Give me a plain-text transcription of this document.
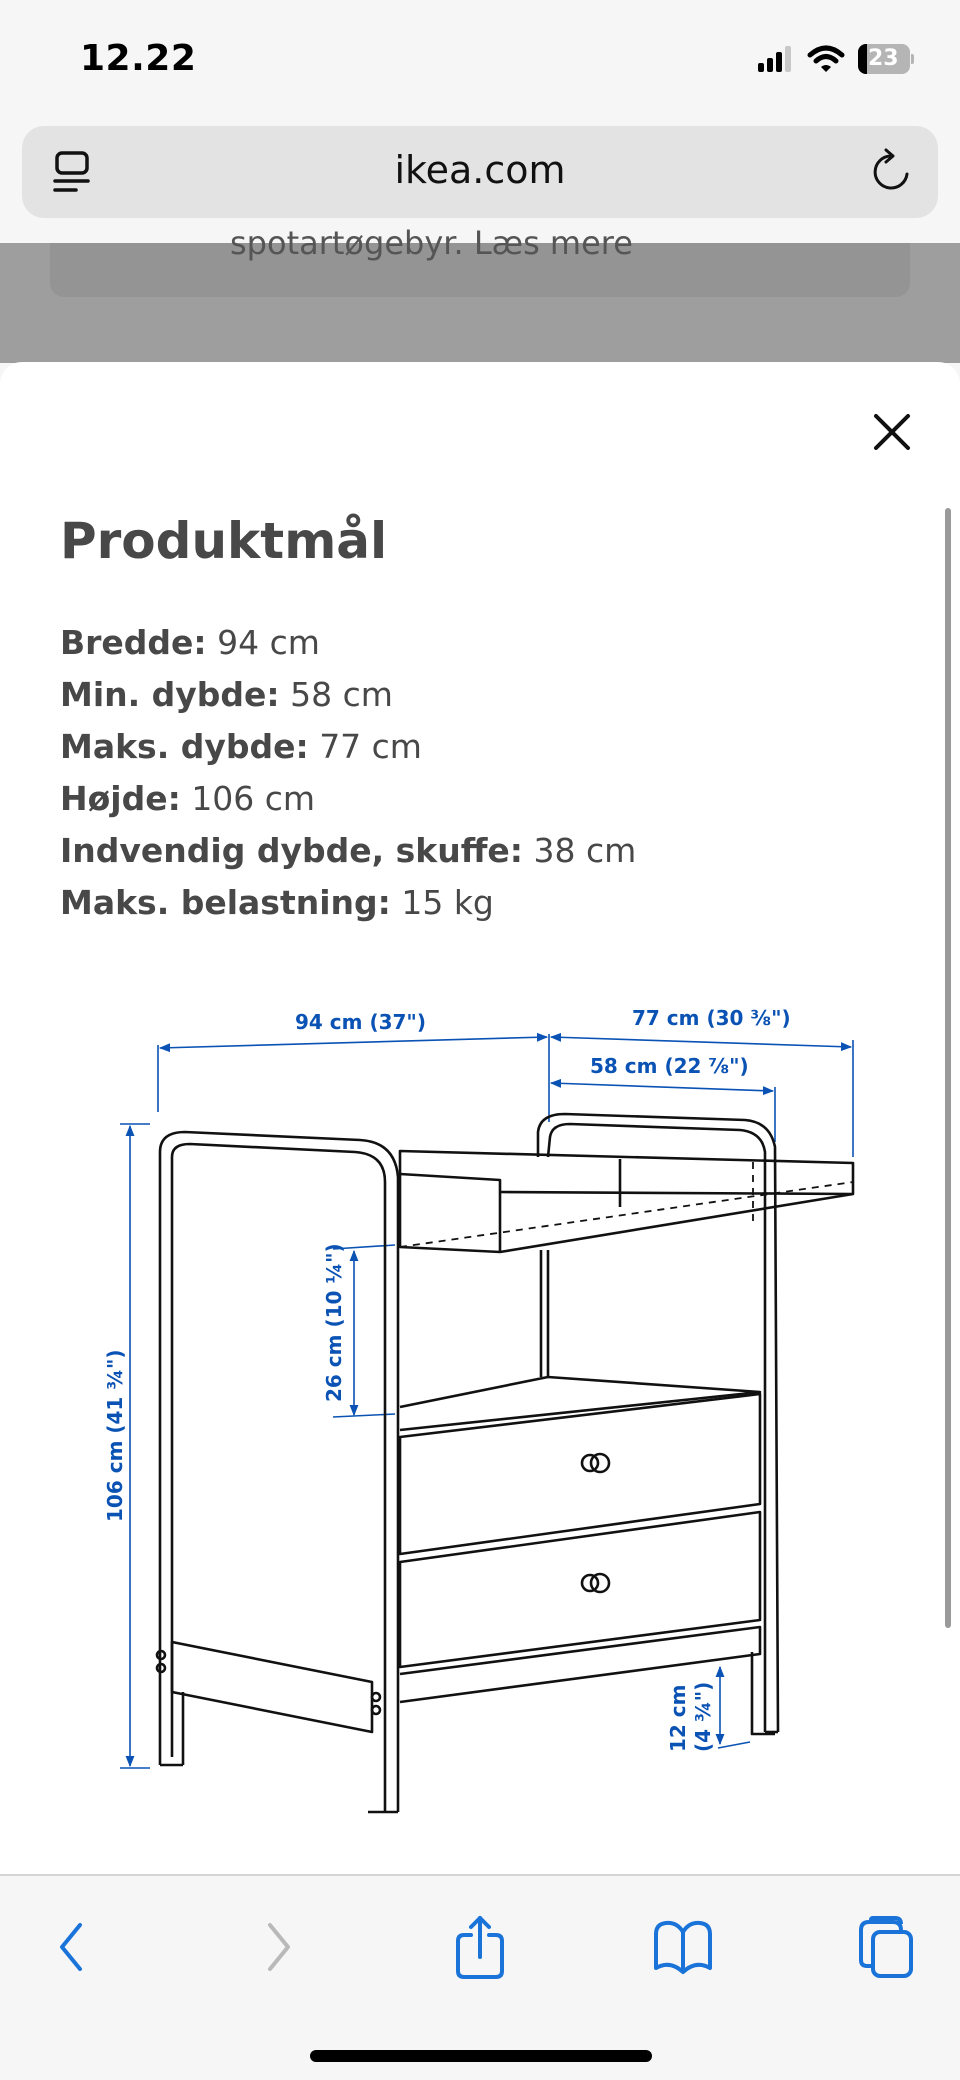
12.22	23
ikea.com
spotartøgebyr. Læs mere
Produktmål
Bredde: 94 cm
Min. dybde: 58 cm
Maks. dybde: 77 cm
Højde: 106 cm
Indvendig dybde, skuffe: 38 cm
Maks. belastning: 15 kg
94 cm (37")	77 cm (30 ⅜")
58 cm (22 ⅞")
106 cm (41 ¾")
26 cm (10 ¼")
12 cm (4 ¾")
